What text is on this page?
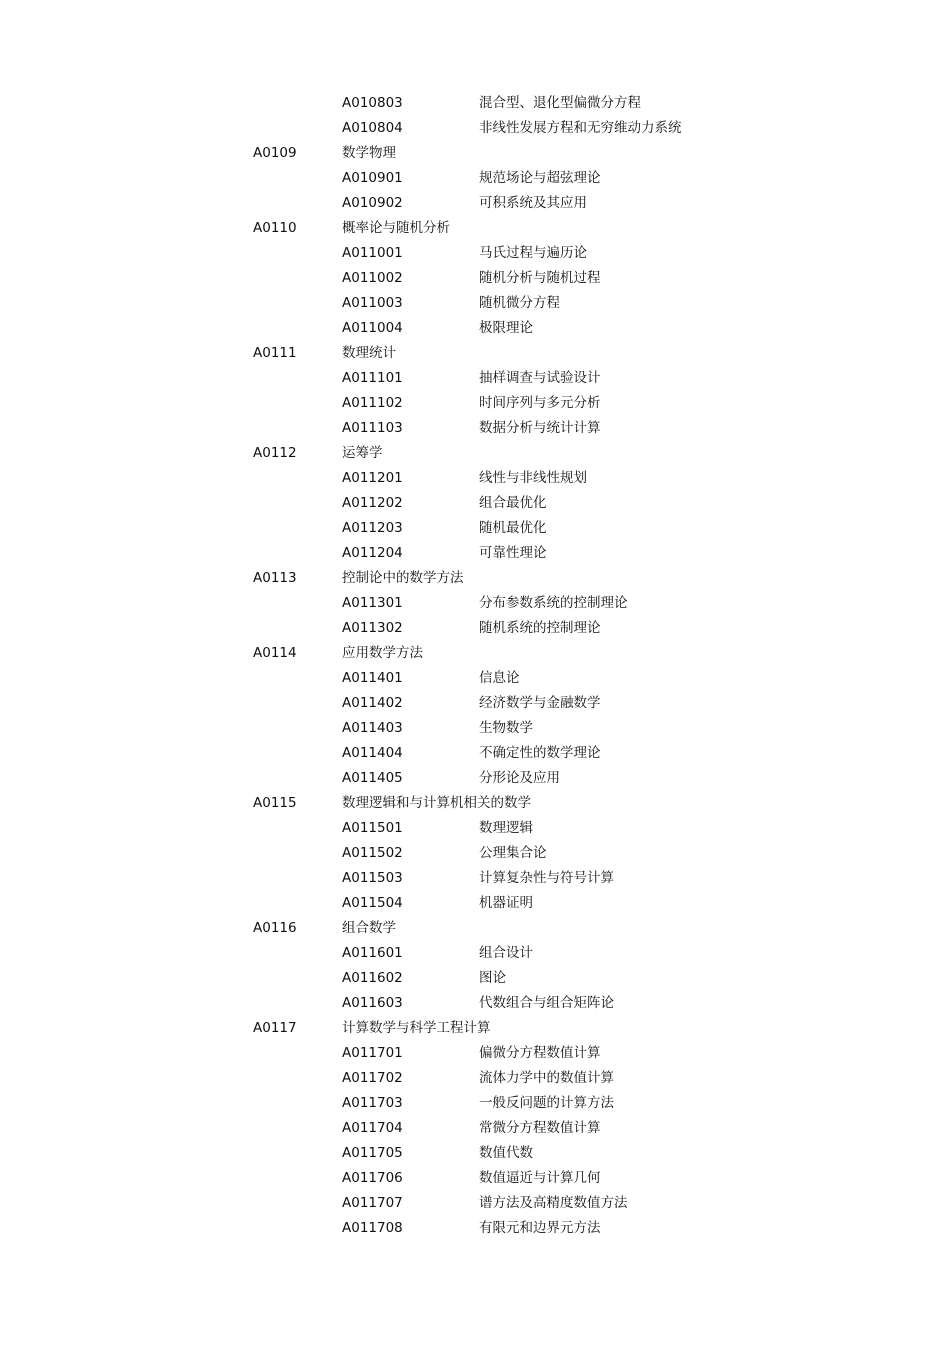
A010803	混合型、退化型偏微分方程
A010804	非线性发展方程和无穷维动力系统
A0109	数学物理
A010901	规范场论与超弦理论
A010902	可积系统及其应用
A0110	概率论与随机分析
A011001	马氏过程与遍历论
A011002	随机分析与随机过程
A011003	随机微分方程
A011004	极限理论
A0111	数理统计
A011101	抽样调查与试验设计
A011102	时间序列与多元分析
A011103	数据分析与统计计算
A0112	运筹学
A011201	线性与非线性规划
A011202	组合最优化
A011203	随机最优化
A011204	可靠性理论
A0113	控制论中的数学方法
A011301	分布参数系统的控制理论
A011302	随机系统的控制理论
A0114	应用数学方法
A011401	信息论
A011402	经济数学与金融数学
A011403	生物数学
A011404	不确定性的数学理论
A011405	分形论及应用
A0115	数理逻辑和与计算机相关的数学
A011501	数理逻辑
A011502	公理集合论
A011503	计算复杂性与符号计算
A011504	机器证明
A0116	组合数学
A011601	组合设计
A011602	图论
A011603	代数组合与组合矩阵论
A0117	计算数学与科学工程计算
A011701	偏微分方程数值计算
A011702	流体力学中的数值计算
A011703	一般反问题的计算方法
A011704	常微分方程数值计算
A011705	数值代数
A011706	数值逼近与计算几何
A011707	谱方法及高精度数值方法
A011708	有限元和边界元方法
